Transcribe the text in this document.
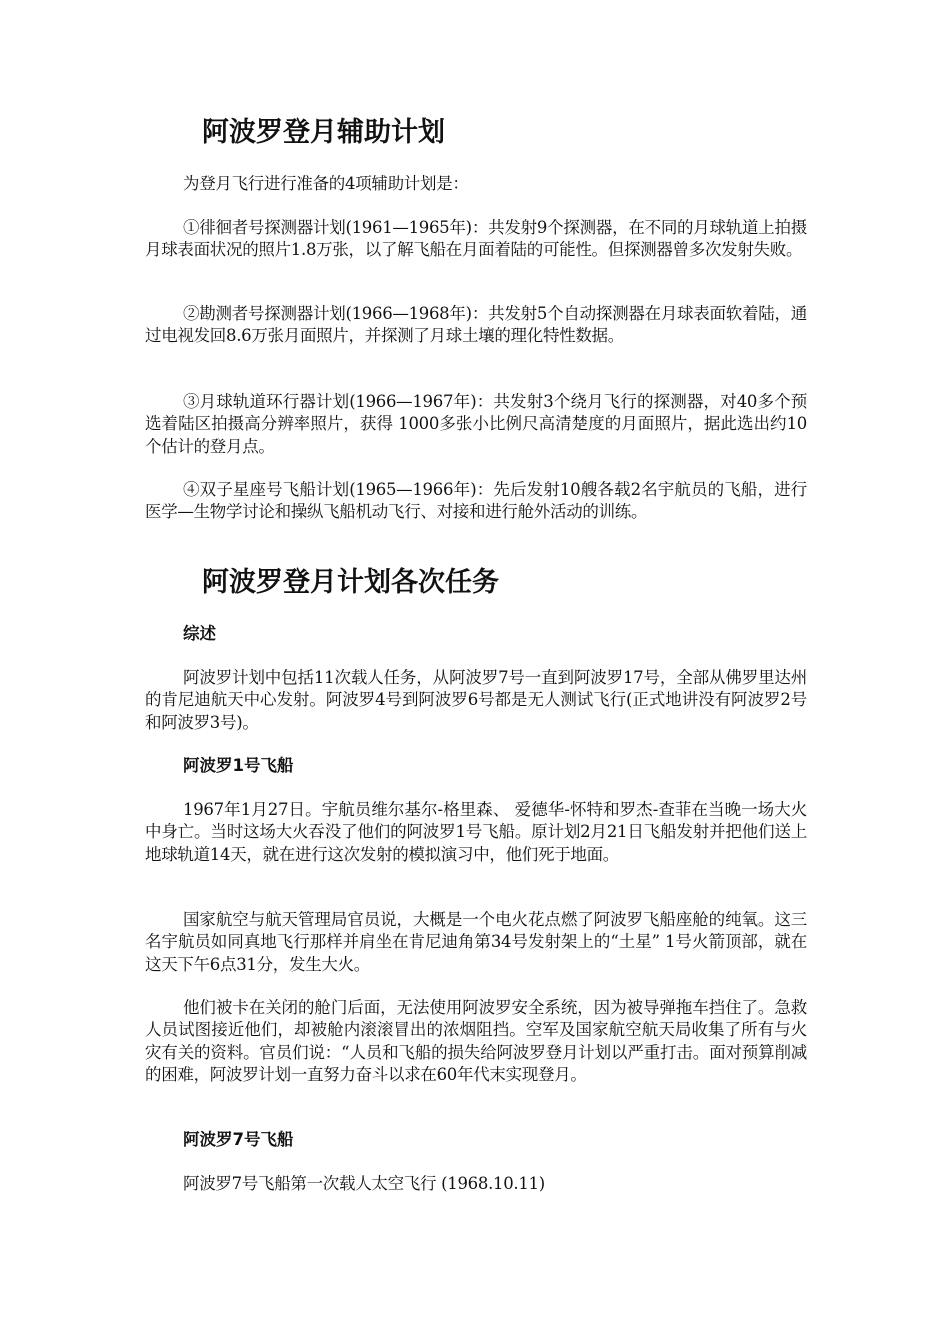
阿波罗登月辅助计划

为登月飞行进行准备的4项辅助计划是：

①徘徊者号探测器计划(1961—1965年)：共发射9个探测器，在不同的月球轨道上拍摄月球表面状况的照片1.8万张，以了解飞船在月面着陆的可能性。但探测器曾多次发射失败。

②勘测者号探测器计划(1966—1968年)：共发射5个自动探测器在月球表面软着陆，通过电视发回8.6万张月面照片，并探测了月球土壤的理化特性数据。

③月球轨道环行器计划(1966—1967年)：共发射3个绕月飞行的探测器，对40多个预选着陆区拍摄高分辨率照片，获得 1000多张小比例尺高清楚度的月面照片，据此选出约10个估计的登月点。

④双子星座号飞船计划(1965—1966年)：先后发射10艘各载2名宇航员的飞船，进行医学—生物学讨论和操纵飞船机动飞行、对接和进行舱外活动的训练。

阿波罗登月计划各次任务
综述

阿波罗计划中包括11次载人任务，从阿波罗7号一直到阿波罗17号，全部从佛罗里达州的肯尼迪航天中心发射。阿波罗4号到阿波罗6号都是无人测试飞行(正式地讲没有阿波罗2号和阿波罗3号)。

阿波罗1号飞船

1967年1月27日。宇航员维尔基尔-格里森、 爱德华-怀特和罗杰-查菲在当晚一场大火中身亡。当时这场大火吞没了他们的阿波罗1号飞船。原计划2月21日飞船发射并把他们送上地球轨道14天，就在进行这次发射的模拟演习中，他们死于地面。

国家航空与航天管理局官员说，大概是一个电火花点燃了阿波罗飞船座舱的纯氧。这三名宇航员如同真地飞行那样并肩坐在肯尼迪角第34号发射架上的“土星” 1号火箭顶部，就在这天下午6点31分，发生大火。

他们被卡在关闭的舱门后面，无法使用阿波罗安全系统，因为被导弹拖车挡住了。急救人员试图接近他们，却被舱内滚滚冒出的浓烟阻挡。空军及国家航空航天局收集了所有与火灾有关的资料。官员们说：“人员和飞船的损失给阿波罗登月计划以严重打击。面对预算削减的困难，阿波罗计划一直努力奋斗以求在60年代末实现登月。

阿波罗7号飞船

阿波罗7号飞船第一次载人太空飞行 (1968.10.11)
